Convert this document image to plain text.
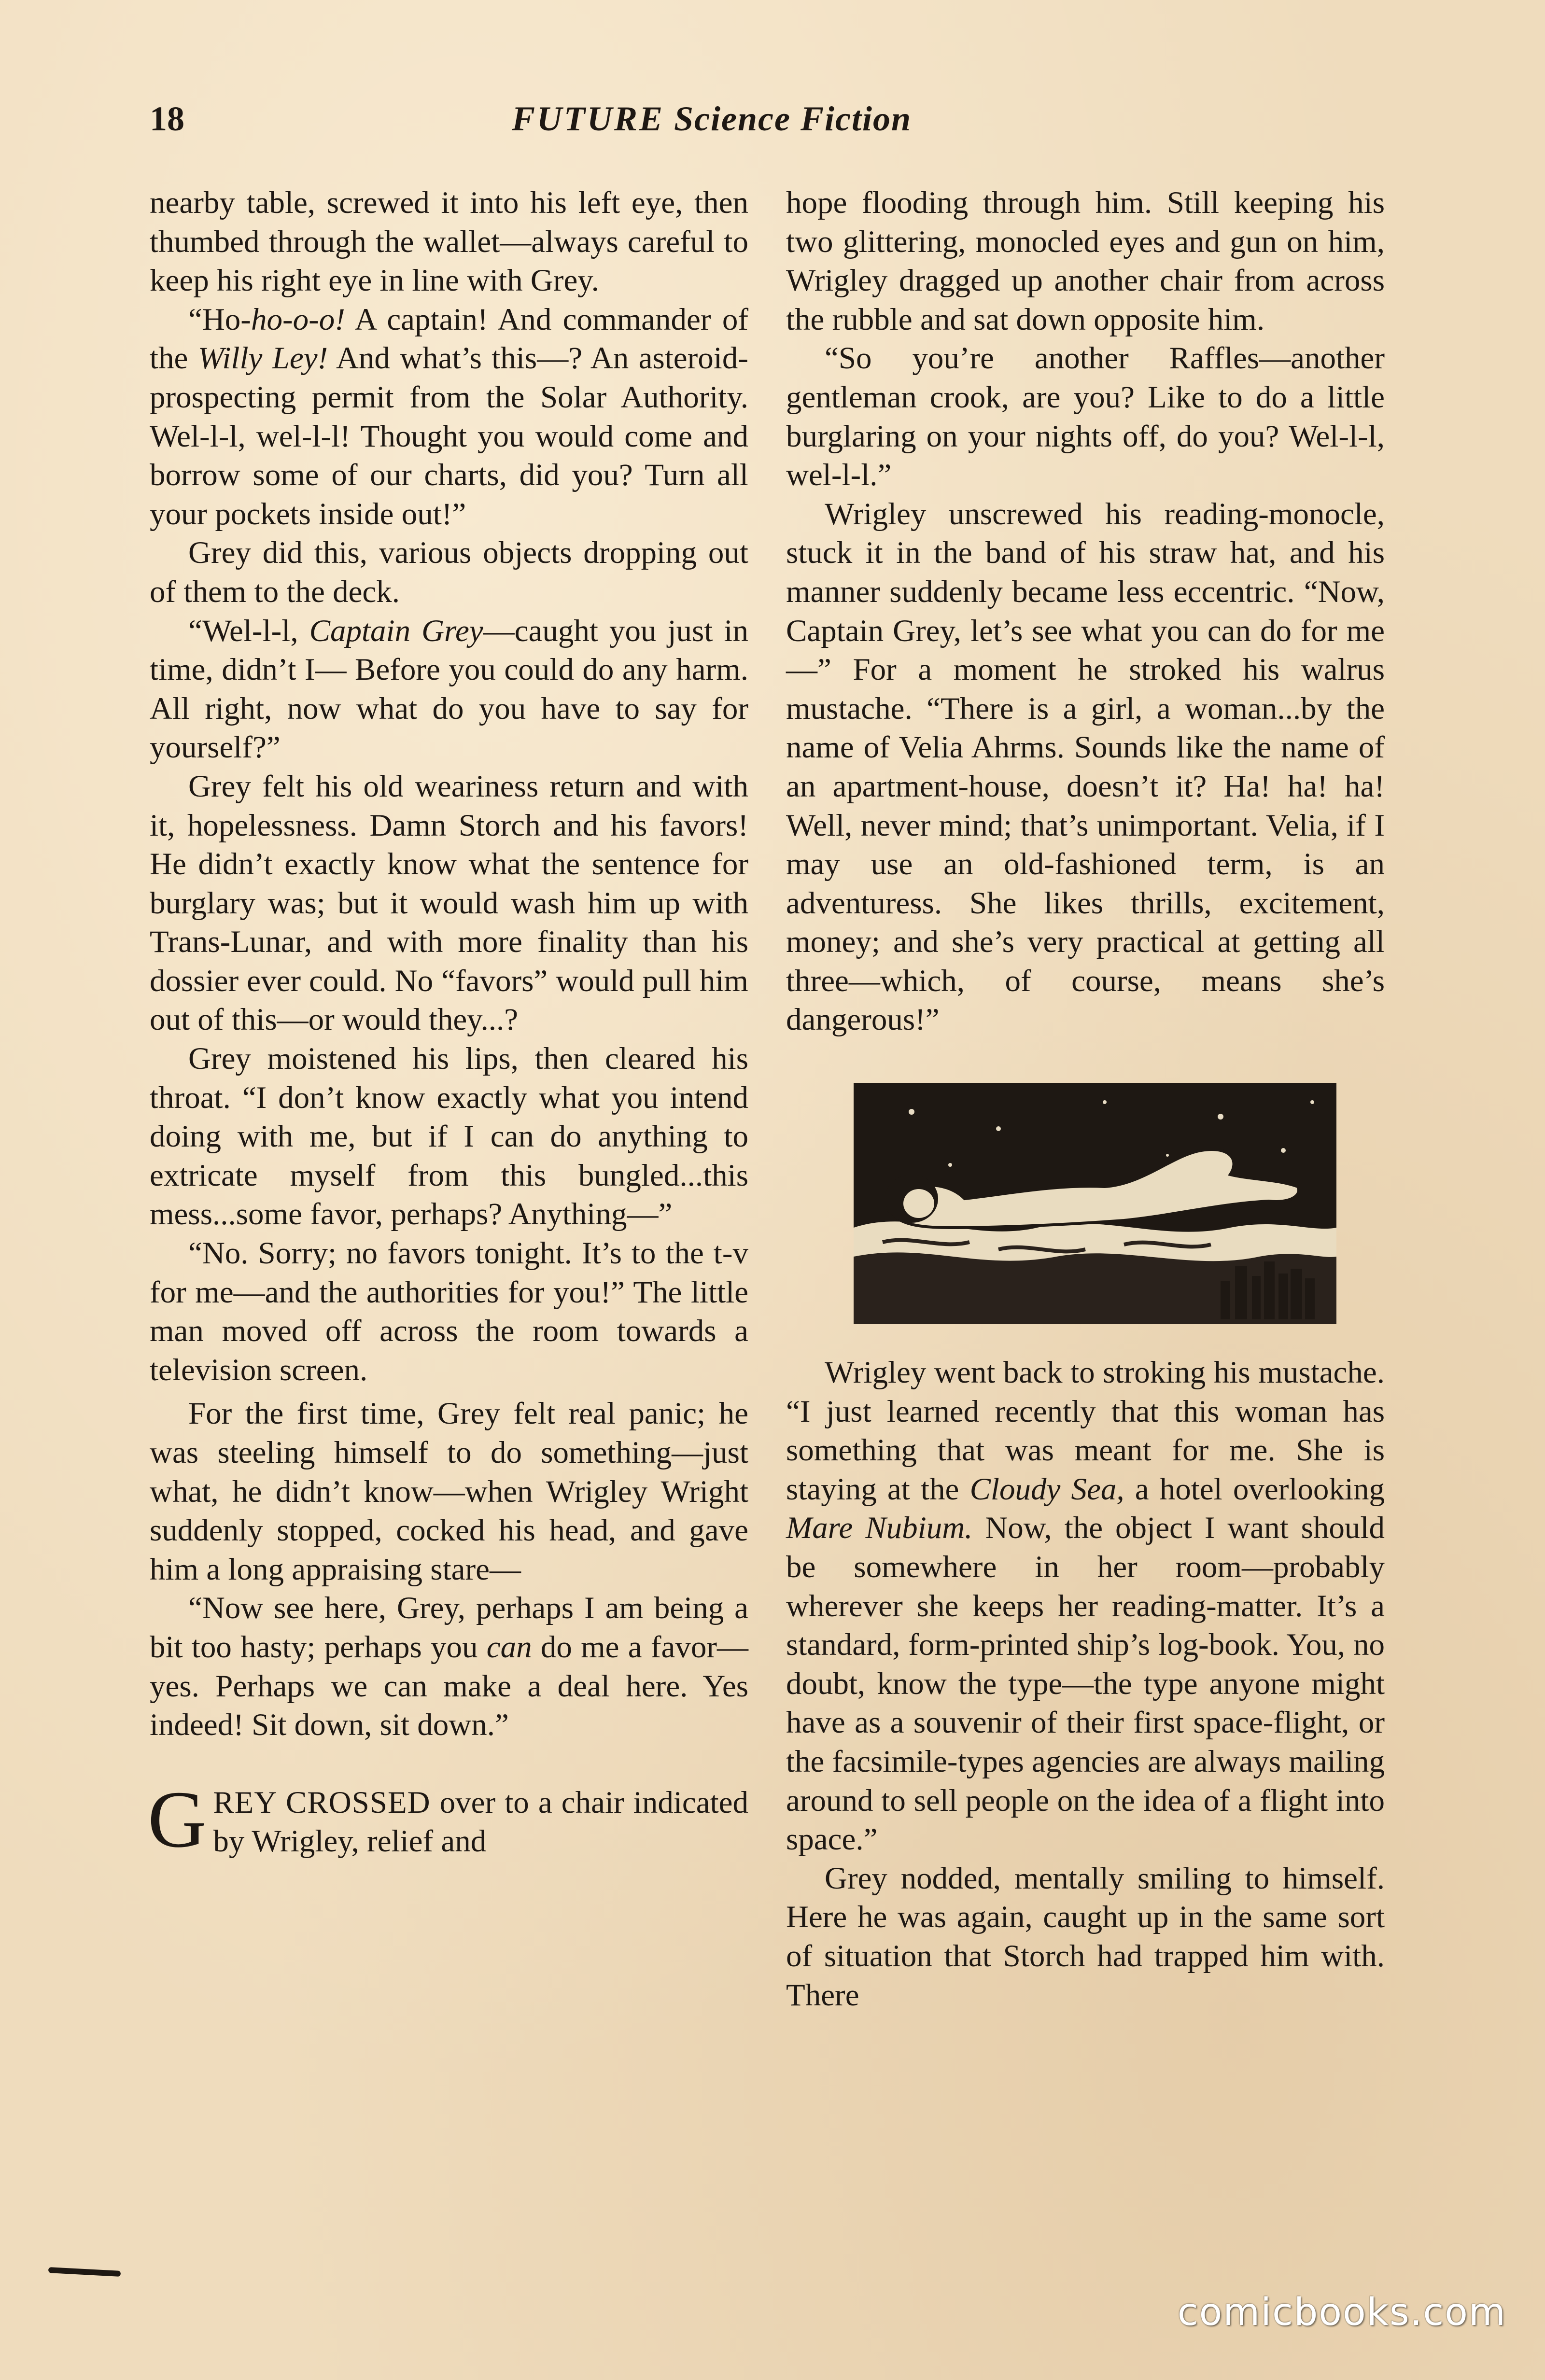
18	FUTURE Science Fiction

nearby table, screwed it into his left eye, then thumbed through the wallet—always careful to keep his right eye in line with Grey.

“Ho-ho-o-o! A captain! And commander of the Willy Ley! And what’s this—? An asteroid-prospecting permit from the Solar Authority. Wel-l-l, wel-l-l! Thought you would come and borrow some of our charts, did you? Turn all your pockets inside out!”

Grey did this, various objects dropping out of them to the deck.

“Wel-l-l, Captain Grey—caught you just in time, didn’t I— Before you could do any harm. All right, now what do you have to say for yourself?”

Grey felt his old weariness return and with it, hopelessness. Damn Storch and his favors! He didn’t exactly know what the sentence for burglary was; but it would wash him up with Trans-Lunar, and with more finality than his dossier ever could. No “favors” would pull him out of this—or would they...?

Grey moistened his lips, then cleared his throat. “I don’t know exactly what you intend doing with me, but if I can do anything to extricate myself from this bungled...this mess...some favor, perhaps? Anything—”

“No. Sorry; no favors tonight. It’s to the t-v for me—and the authorities for you!” The little man moved off across the room towards a television screen.

For the first time, Grey felt real panic; he was steeling himself to do something—just what, he didn’t know—when Wrigley Wright suddenly stopped, cocked his head, and gave him a long appraising stare—

“Now see here, Grey, perhaps I am being a bit too hasty; perhaps you can do me a favor—yes. Perhaps we can make a deal here. Yes indeed! Sit down, sit down.”

GREY CROSSED over to a chair indicated by Wrigley, relief and

hope flooding through him. Still keeping his two glittering, monocled eyes and gun on him, Wrigley dragged up another chair from across the rubble and sat down opposite him.

“So you’re another Raffles—another gentleman crook, are you? Like to do a little burglaring on your nights off, do you? Wel-l-l, wel-l-l.”

Wrigley unscrewed his reading-monocle, stuck it in the band of his straw hat, and his manner suddenly became less eccentric. “Now, Captain Grey, let’s see what you can do for me—” For a moment he stroked his walrus mustache. “There is a girl, a woman...by the name of Velia Ahrms. Sounds like the name of an apartment-house, doesn’t it? Ha! ha! ha! Well, never mind; that’s unimportant. Velia, if I may use an old-fashioned term, is an adventuress. She likes thrills, excitement, money; and she’s very practical at getting all three—which, of course, means she’s dangerous!”

Wrigley went back to stroking his mustache. “I just learned recently that this woman has something that was meant for me. She is staying at the Cloudy Sea, a hotel overlooking Mare Nubium. Now, the object I want should be somewhere in her room—probably wherever she keeps her reading-matter. It’s a standard, form-printed ship’s log-book. You, no doubt, know the type—the type anyone might have as a souvenir of their first space-flight, or the facsimile-types agencies are always mailing around to sell people on the idea of a flight into space.”

Grey nodded, mentally smiling to himself. Here he was again, caught up in the same sort of situation that Storch had trapped him with. There

comicbooks.com
